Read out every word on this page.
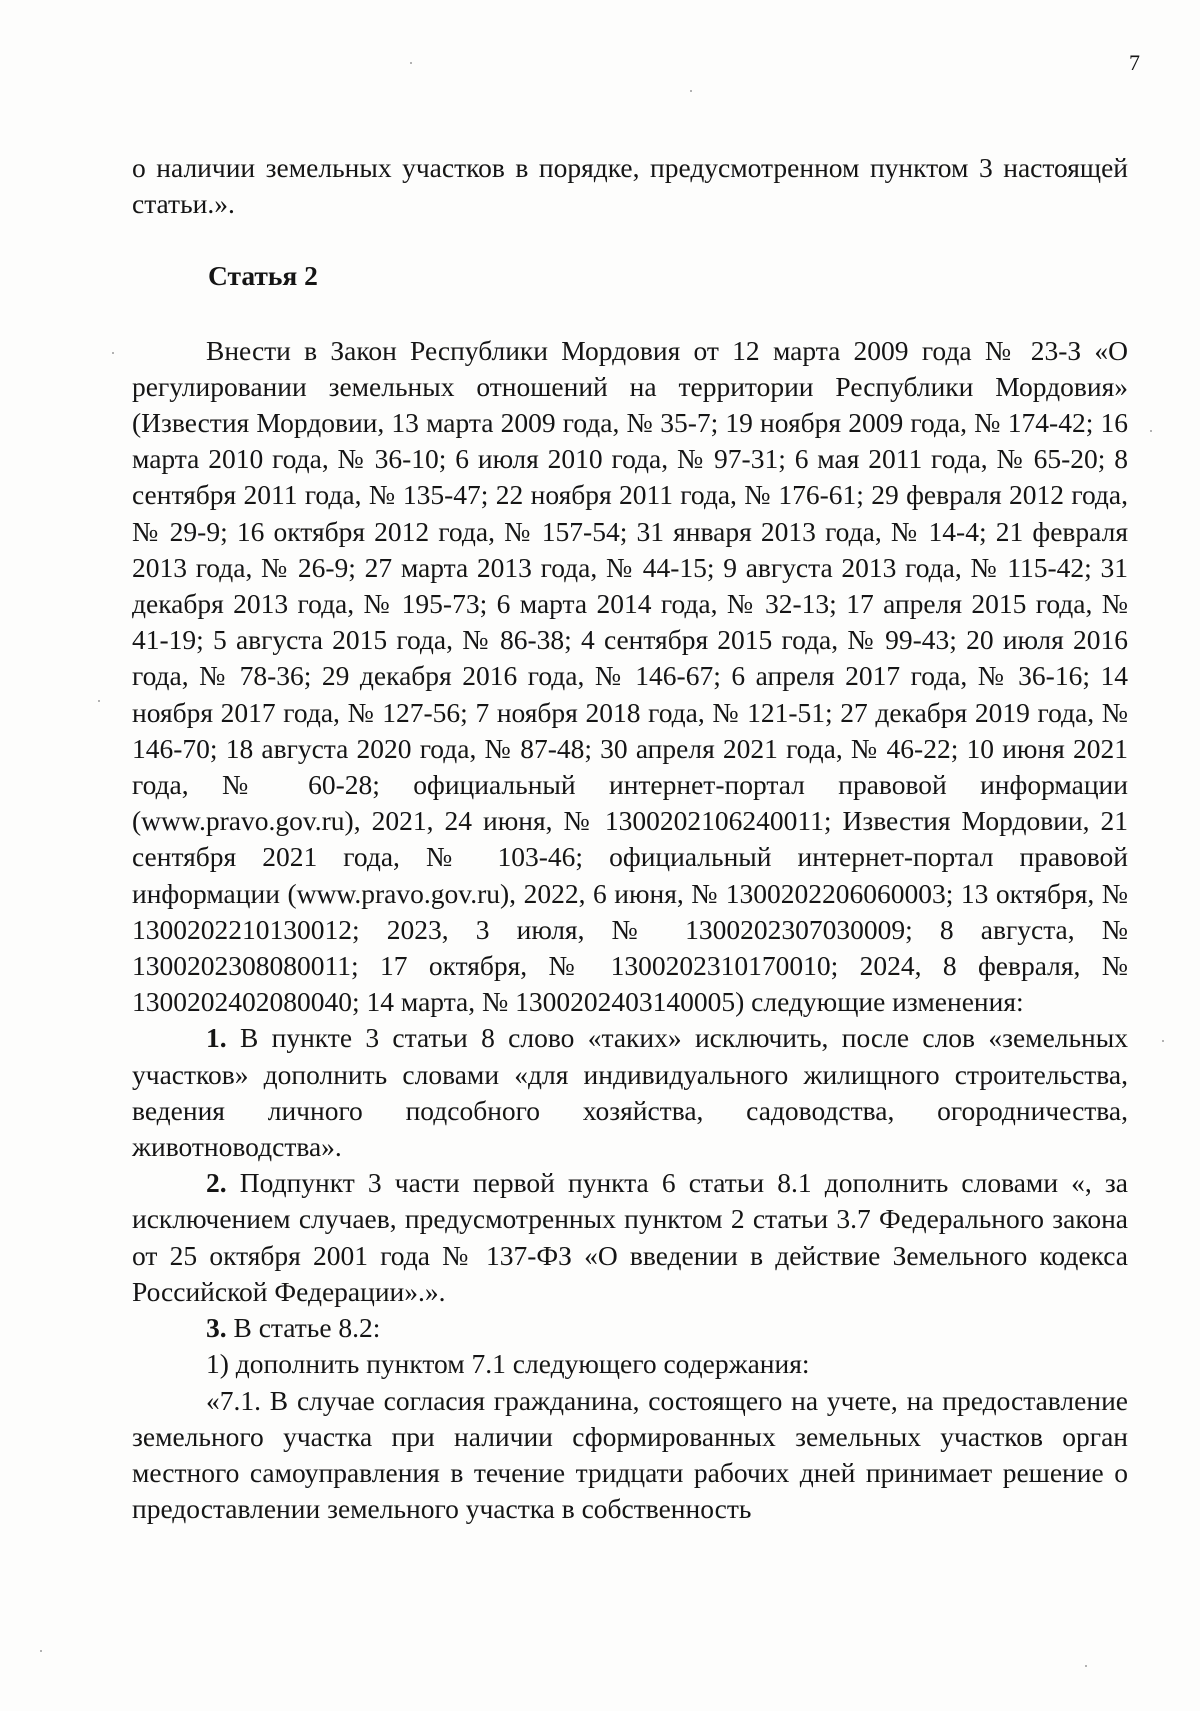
7

о наличии земельных участков в порядке, предусмотренном пунктом 3 настоящей статьи.».

Статья 2

Внести в Закон Республики Мордовия от 12 марта 2009 года № 23-З «О регулировании земельных отношений на территории Республики Мордовия» (Известия Мордовии, 13 марта 2009 года, № 35-7; 19 ноября 2009 года, № 174-42; 16 марта 2010 года, № 36-10; 6 июля 2010 года, № 97-31; 6 мая 2011 года, № 65-20; 8 сентября 2011 года, № 135-47; 22 ноября 2011 года, № 176-61; 29 февраля 2012 года, № 29-9; 16 октября 2012 года, № 157-54; 31 января 2013 года, № 14-4; 21 февраля 2013 года, № 26-9; 27 марта 2013 года, № 44-15; 9 августа 2013 года, № 115-42; 31 декабря 2013 года, № 195-73; 6 марта 2014 года, № 32-13; 17 апреля 2015 года, № 41-19; 5 августа 2015 года, № 86-38; 4 сентября 2015 года, № 99-43; 20 июля 2016 года, № 78-36; 29 декабря 2016 года, № 146-67; 6 апреля 2017 года, № 36-16; 14 ноября 2017 года, № 127-56; 7 ноября 2018 года, № 121-51; 27 декабря 2019 года, № 146-70; 18 августа 2020 года, № 87-48; 30 апреля 2021 года, № 46-22; 10 июня 2021 года, № 60-28; официальный интернет-портал правовой информации (www.pravo.gov.ru), 2021, 24 июня, № 1300202106240011; Известия Мордовии, 21 сентября 2021 года, № 103-46; официальный интернет-портал правовой информации (www.pravo.gov.ru), 2022, 6 июня, № 1300202206060003; 13 октября, № 1300202210130012; 2023, 3 июля, № 1300202307030009; 8 августа, № 1300202308080011; 17 октября, № 1300202310170010; 2024, 8 февраля, № 1300202402080040; 14 марта, № 1300202403140005) следующие изменения:

1. В пункте 3 статьи 8 слово «таких» исключить, после слов «земельных участков» дополнить словами «для индивидуального жилищного строительства, ведения личного подсобного хозяйства, садоводства, огородничества, животноводства».

2. Подпункт 3 части первой пункта 6 статьи 8.1 дополнить словами «, за исключением случаев, предусмотренных пунктом 2 статьи 3.7 Федерального закона от 25 октября 2001 года № 137-ФЗ «О введении в действие Земельного кодекса Российской Федерации».».

3. В статье 8.2:

1) дополнить пунктом 7.1 следующего содержания:

«7.1. В случае согласия гражданина, состоящего на учете, на предоставление земельного участка при наличии сформированных земельных участков орган местного самоуправления в течение тридцати рабочих дней принимает решение о предоставлении земельного участка в собственность
